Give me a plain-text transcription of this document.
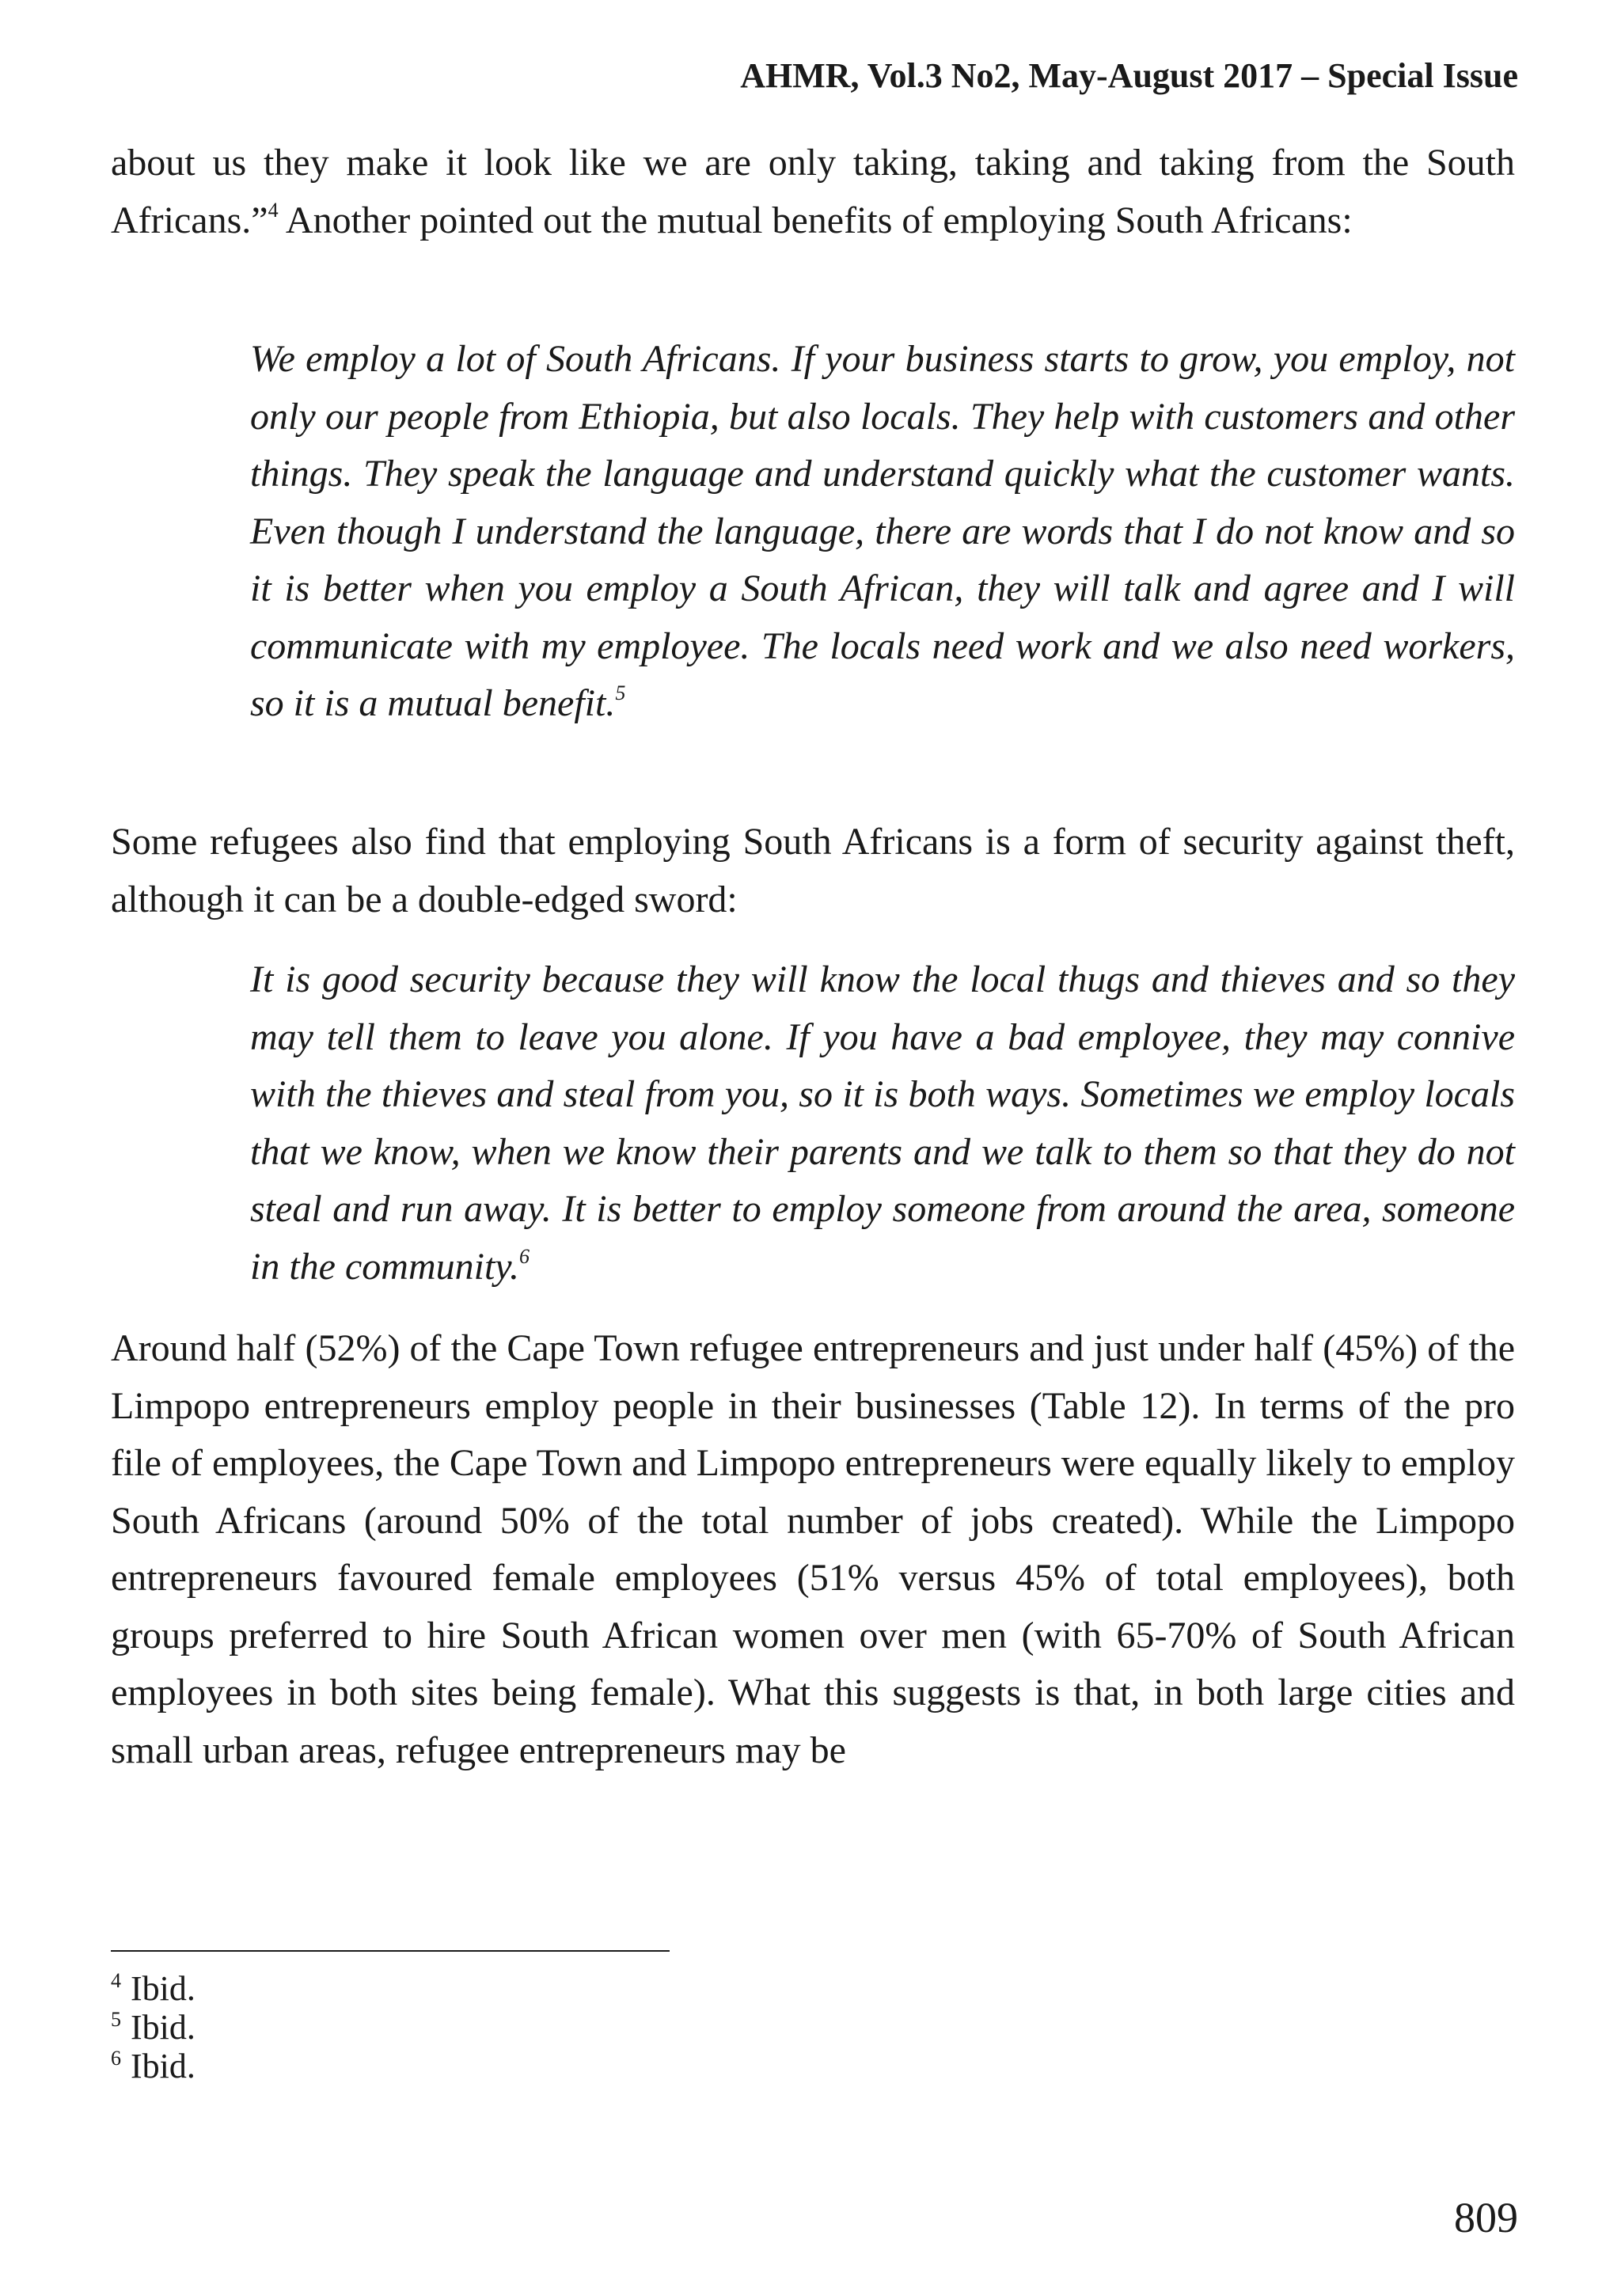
AHMR, Vol.3 No2, May-August 2017 – Special Issue

about us they make it look like we are only taking, taking and taking from the South Africans.”$^4$ Another pointed out the mutual benefits of employing South Africans:

We employ a lot of South Africans. If your business starts to grow, you employ, not only our people from Ethiopia, but also locals. They help with customers and other things. They speak the language and understand quickly what the customer wants. Even though I understand the language, there are words that I do not know and so it is better when you employ a South African, they will talk and agree and I will communicate with my employee. The locals need work and we also need workers, so it is a mutual benefit.$^5$

Some refugees also find that employing South Africans is a form of security against theft, although it can be a double-edged sword:

It is good security because they will know the local thugs and thieves and so they may tell them to leave you alone. If you have a bad employee, they may connive with the thieves and steal from you, so it is both ways. Sometimes we employ locals that we know, when we know their parents and we talk to them so that they do not steal and run away. It is better to employ someone from around the area, someone in the community.$^6$

Around half (52%) of the Cape Town refugee entrepreneurs and just under half (45%) of the Limpopo entrepreneurs employ people in their businesses (Table 12). In terms of the pro file of employees, the Cape Town and Limpopo entrepreneurs were equally likely to employ South Africans (around 50% of the total number of jobs created). While the Limpopo entrepreneurs favoured female employees (51% versus 45% of total employees), both groups preferred to hire South African women over men (with 65-70% of South African employees in both sites being female). What this suggests is that, in both large cities and small urban areas, refugee entrepreneurs may be

$^4$ Ibid.
$^5$ Ibid.
$^6$ Ibid.
809
